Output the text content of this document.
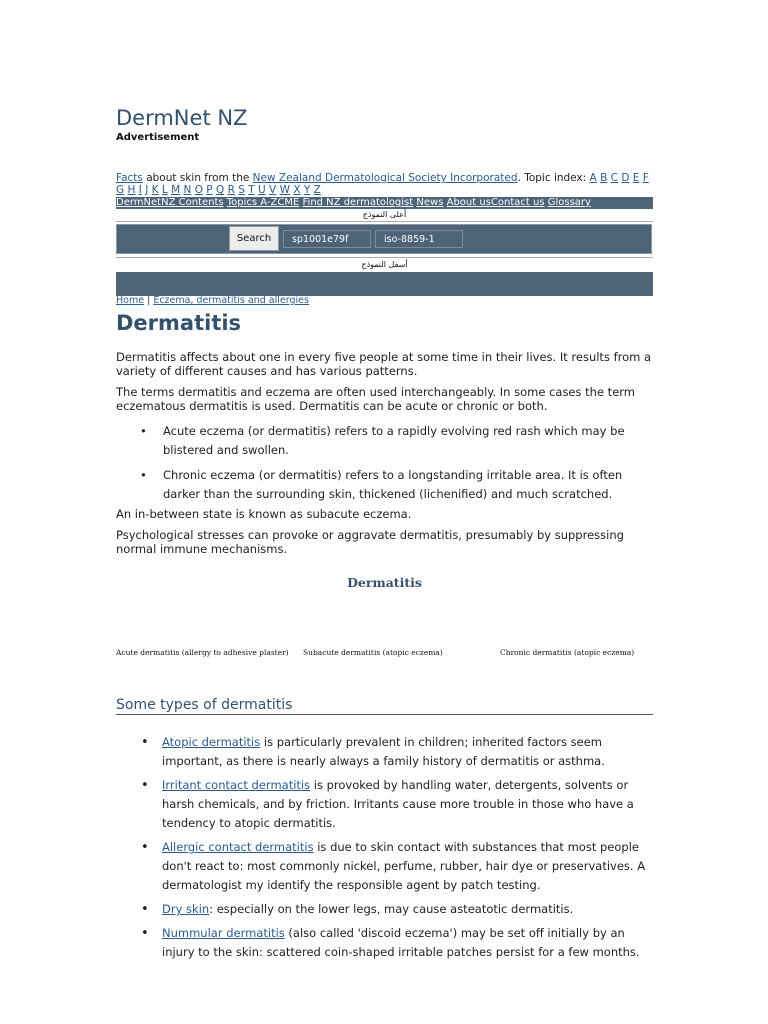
DermNet NZ
Advertisement
Facts about skin from the New Zealand Dermatological Society Incorporated. Topic index: A B C D E F G H I J K L M N O P Q R S T U V W X Y Z
DermNetNZ Contents Topics A-ZCME Find NZ dermatologist News About usContact us Glossary
أعلى النموذج
Search	sp1001e79f	iso-8859-1
أسفل النموذج
Home | Eczema, dermatitis and allergies
Dermatitis

Dermatitis affects about one in every five people at some time in their lives. It results from a variety of different causes and has various patterns.

The terms dermatitis and eczema are often used interchangeably. In some cases the term eczematous dermatitis is used. Dermatitis can be acute or chronic or both.

• Acute eczema (or dermatitis) refers to a rapidly evolving red rash which may be blistered and swollen.
• Chronic eczema (or dermatitis) refers to a longstanding irritable area. It is often darker than the surrounding skin, thickened (lichenified) and much scratched.

An in-between state is known as subacute eczema.

Psychological stresses can provoke or aggravate dermatitis, presumably by suppressing normal immune mechanisms.

Dermatitis
Acute dermatitis (allergy to adhesive plaster) Subacute dermatitis (atopic eczema)	Chronic dermatitis (atopic eczema)
Some types of dermatitis
• Atopic dermatitis is particularly prevalent in children; inherited factors seem important, as there is nearly always a family history of dermatitis or asthma.
• Irritant contact dermatitis is provoked by handling water, detergents, solvents or harsh chemicals, and by friction. Irritants cause more trouble in those who have a tendency to atopic dermatitis.
• Allergic contact dermatitis is due to skin contact with substances that most people don't react to: most commonly nickel, perfume, rubber, hair dye or preservatives. A dermatologist my identify the responsible agent by patch testing.
• Dry skin: especially on the lower legs, may cause asteatotic dermatitis.
• Nummular dermatitis (also called 'discoid eczema') may be set off initially by an injury to the skin: scattered coin-shaped irritable patches persist for a few months.
